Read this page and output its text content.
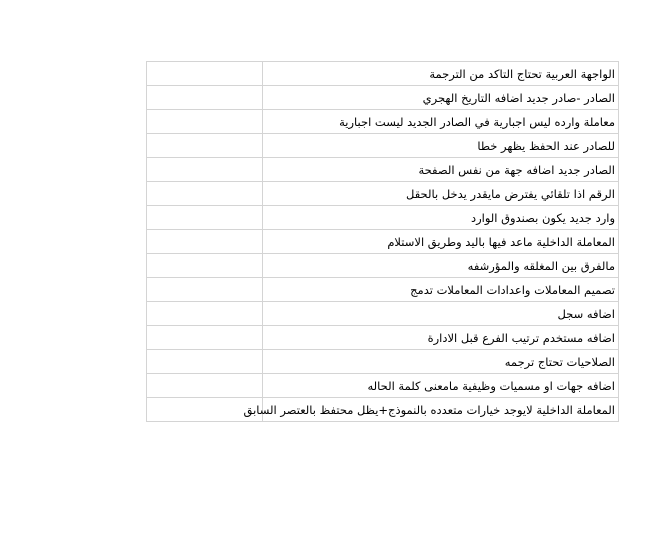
	الواجهة العربية تحتاج التاكد من الترجمة
	الصادر -صادر جديد اضافه التاريخ الهجري
	معاملة وارده ليس اجبارية في الصادر الجديد ليست اجبارية
	للصادر عند الحفظ يظهر خطا
	الصادر جديد اضافه جهة من نفس الصفحة
	الرقم اذا تلقائي يفترض مايقدر يدخل بالحقل
	وارد جديد يكون بصندوق الوارد
	المعاملة الداخلية ماعد فيها باليد وطريق الاستلام
	مالفرق بين المغلقه والمؤرشفه
	تصميم المعاملات واعدادات المعاملات تدمج
	اضافه سجل
	اضافه مستخدم ترتيب الفرع قبل الادارة
	الصلاحيات تحتاج ترجمه
	اضافه جهات او مسميات وظيفية مامعنى كلمة الحاله
	المعاملة الداخلية لايوجد خيارات متعدده بالنموذج+يظل محتفظ بالعتصر السابق
